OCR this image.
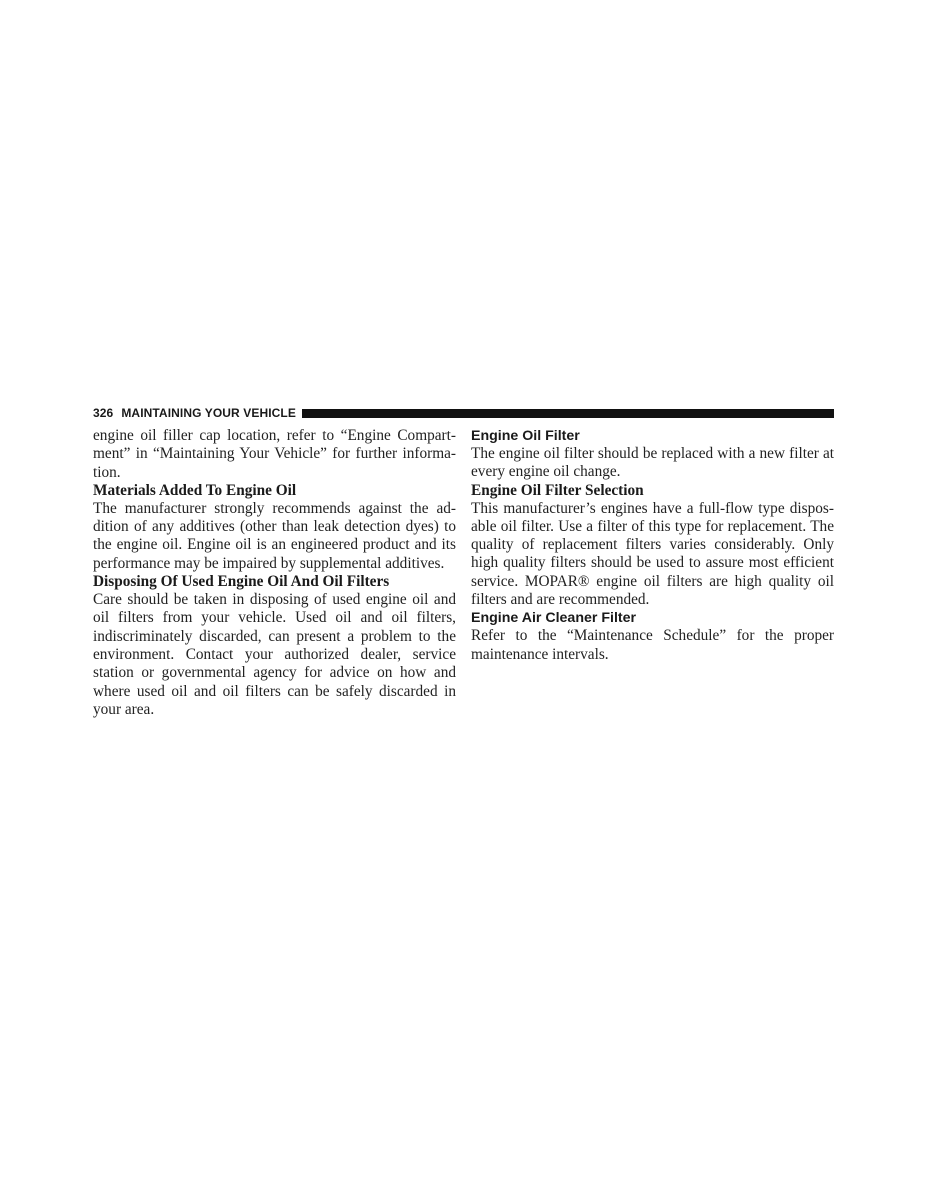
326 MAINTAINING YOUR VEHICLE

engine oil filler cap location, refer to “Engine Compartment” in “Maintaining Your Vehicle” for further information.

Materials Added To Engine Oil

The manufacturer strongly recommends against the addition of any additives (other than leak detection dyes) to the engine oil. Engine oil is an engineered product and its performance may be impaired by supplemental additives.

Disposing Of Used Engine Oil And Oil Filters

Care should be taken in disposing of used engine oil and oil filters from your vehicle. Used oil and oil filters, indiscriminately discarded, can present a problem to the environment. Contact your authorized dealer, service station or governmental agency for advice on how and where used oil and oil filters can be safely discarded in your area.

Engine Oil Filter

The engine oil filter should be replaced with a new filter at every engine oil change.

Engine Oil Filter Selection

This manufacturer’s engines have a full-flow type disposable oil filter. Use a filter of this type for replacement. The quality of replacement filters varies considerably. Only high quality filters should be used to assure most efficient service. MOPAR® engine oil filters are high quality oil filters and are recommended.

Engine Air Cleaner Filter

Refer to the “Maintenance Schedule” for the proper maintenance intervals.
